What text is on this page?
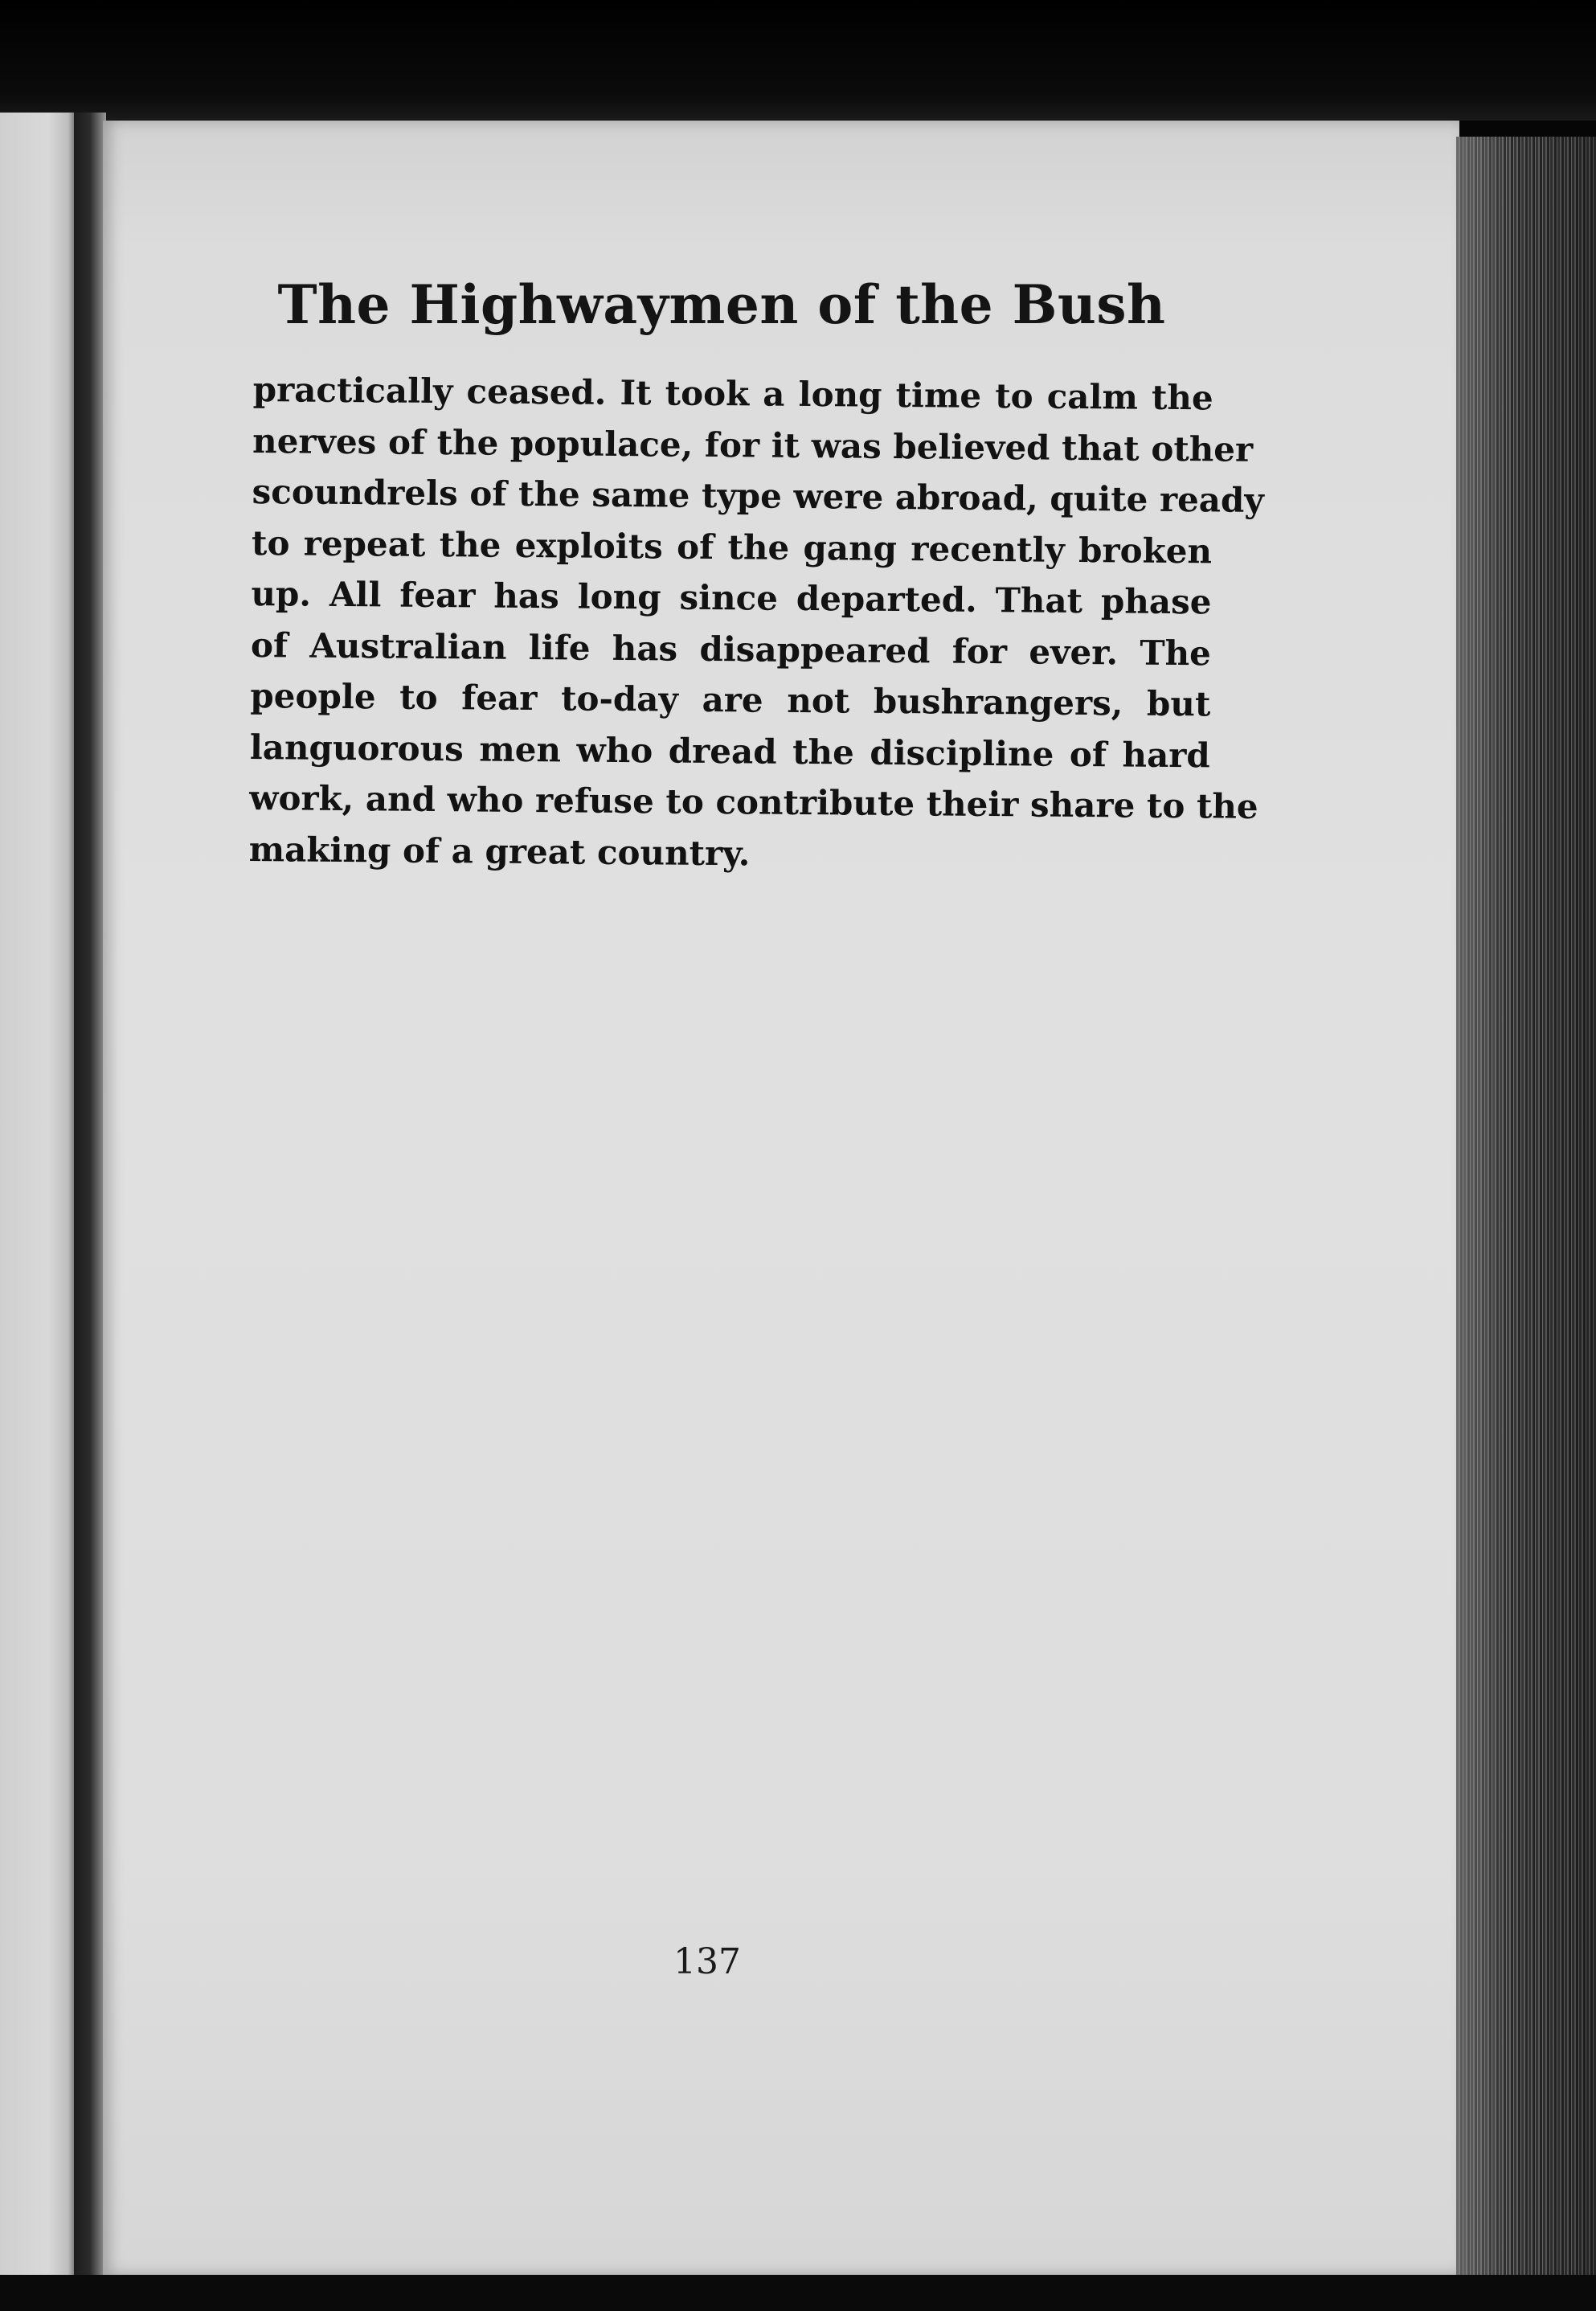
The Highwaymen of the Bush

practically ceased. It took a long time to calm the
nerves of the populace, for it was believed that other
scoundrels of the same type were abroad, quite ready
to repeat the exploits of the gang recently broken
up. All fear has long since departed. That phase
of Australian life has disappeared for ever. The
people to fear to-day are not bushrangers, but
languorous men who dread the discipline of hard
work, and who refuse to contribute their share to the
making of a great country.

137
